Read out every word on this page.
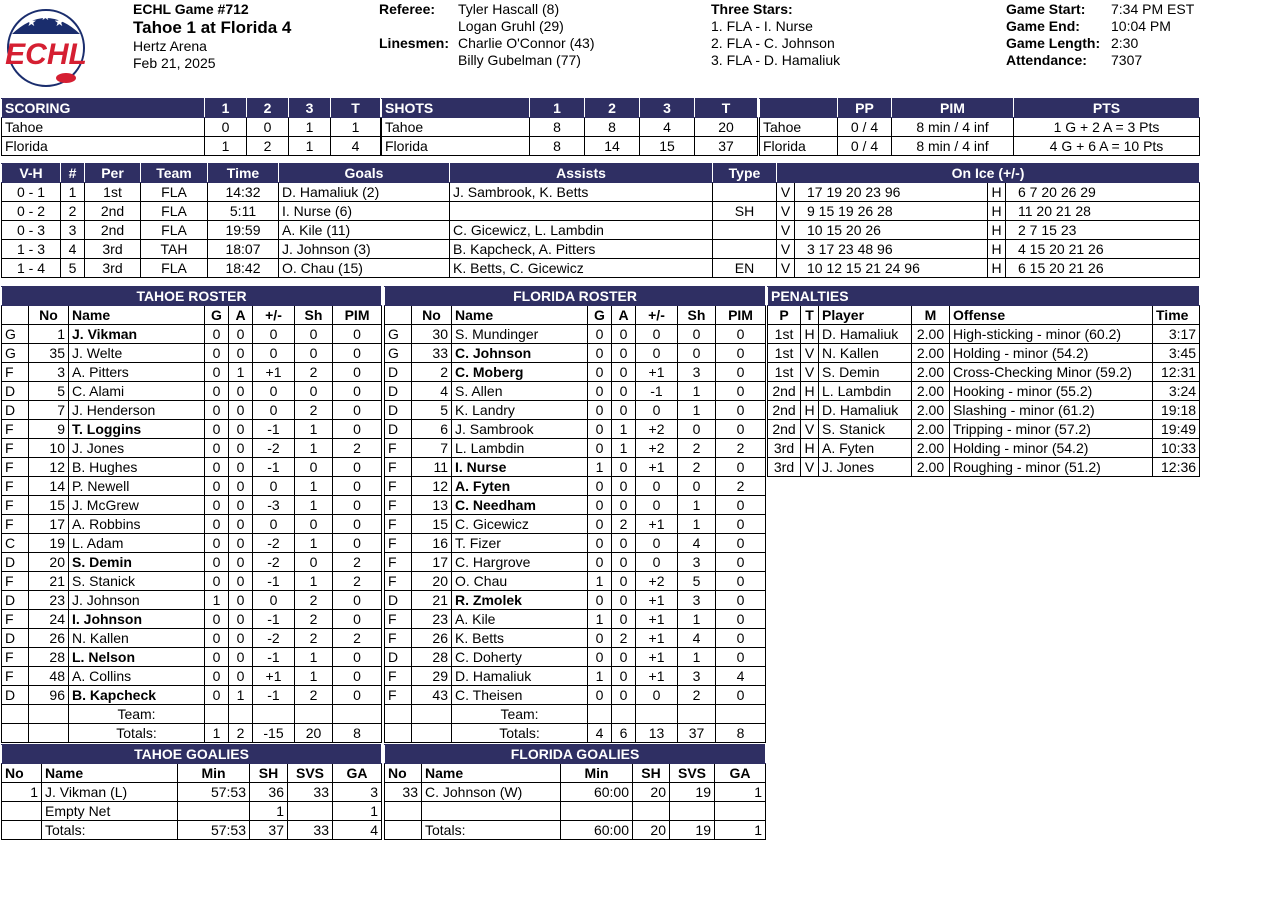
★ ★ ★
ECHL
ECHL Game #712
Tahoe 1 at Florida 4
Hertz Arena
Feb 21, 2025
Referee: Tyler Hascall (8)
Logan Gruhl (29)
Linesmen: Charlie O'Connor (43)
Billy Gubelman (77)
Three Stars:
1. FLA - I. Nurse
2. FLA - C. Johnson
3. FLA - D. Hamaliuk
Game Start: 7:34 PM EST
Game End: 10:04 PM
Game Length: 2:30
Attendance: 7307
SCORING	1	2	3	T
Tahoe	0	0	1	1
Florida	1	2	1	4
SHOTS	1	2	3	T
Tahoe	8	8	4	20
Florida	8	14	15	37
	PP	PIM	PTS
Tahoe	0 / 4	8 min / 4 inf	1 G + 2 A = 3 Pts
Florida	0 / 4	8 min / 4 inf	4 G + 6 A = 10 Pts
V-H	#	Per	Team	Time	Goals	Assists	Type	On Ice (+/-)			
0 - 1	1	1st	FLA	14:32	D. Hamaliuk (2)	J. Sambrook, K. Betts		V	17 19 20 23 96	H	6 7 20 26 29
0 - 2	2	2nd	FLA	5:11	I. Nurse (6)		SH	V	9 15 19 26 28	H	11 20 21 28
0 - 3	3	2nd	FLA	19:59	A. Kile (11)	C. Gicewicz, L. Lambdin		V	10 15 20 26	H	2 7 15 23
1 - 3	4	3rd	TAH	18:07	J. Johnson (3)	B. Kapcheck, A. Pitters		V	3 17 23 48 96	H	4 15 20 21 26
1 - 4	5	3rd	FLA	18:42	O. Chau (15)	K. Betts, C. Gicewicz	EN	V	10 12 15 21 24 96	H	6 15 20 21 26
TAHOE ROSTER							
	No	Name	G	A	+/-	Sh	PIM
G	1	J. Vikman	0	0	0	0	0
G	35	J. Welte	0	0	0	0	0
F	3	A. Pitters	0	1	+1	2	0
D	5	C. Alami	0	0	0	0	0
D	7	J. Henderson	0	0	0	2	0
F	9	T. Loggins	0	0	-1	1	0
F	10	J. Jones	0	0	-2	1	2
F	12	B. Hughes	0	0	-1	0	0
F	14	P. Newell	0	0	0	1	0
F	15	J. McGrew	0	0	-3	1	0
F	17	A. Robbins	0	0	0	0	0
C	19	L. Adam	0	0	-2	1	0
D	20	S. Demin	0	0	-2	0	2
F	21	S. Stanick	0	0	-1	1	2
D	23	J. Johnson	1	0	0	2	0
F	24	I. Johnson	0	0	-1	2	0
D	26	N. Kallen	0	0	-2	2	2
F	28	L. Nelson	0	0	-1	1	0
F	48	A. Collins	0	0	+1	1	0
D	96	B. Kapcheck	0	1	-1	2	0
		Team:					
		Totals:	1	2	-15	20	8
FLORIDA ROSTER							
	No	Name	G	A	+/-	Sh	PIM
G	30	S. Mundinger	0	0	0	0	0
G	33	C. Johnson	0	0	0	0	0
D	2	C. Moberg	0	0	+1	3	0
D	4	S. Allen	0	0	-1	1	0
D	5	K. Landry	0	0	0	1	0
D	6	J. Sambrook	0	1	+2	0	0
F	7	L. Lambdin	0	1	+2	2	2
F	11	I. Nurse	1	0	+1	2	0
F	12	A. Fyten	0	0	0	0	2
F	13	C. Needham	0	0	0	1	0
F	15	C. Gicewicz	0	2	+1	1	0
F	16	T. Fizer	0	0	0	4	0
F	17	C. Hargrove	0	0	0	3	0
F	20	O. Chau	1	0	+2	5	0
D	21	R. Zmolek	0	0	+1	3	0
F	23	A. Kile	1	0	+1	1	0
F	26	K. Betts	0	2	+1	4	0
D	28	C. Doherty	0	0	+1	1	0
F	29	D. Hamaliuk	1	0	+1	3	4
F	43	C. Theisen	0	0	0	2	0
		Team:					
		Totals:	4	6	13	37	8
PENALTIES					
P	T	Player	M	Offense	Time
1st	H	D. Hamaliuk	2.00	High-sticking - minor (60.2)	3:17
1st	V	N. Kallen	2.00	Holding - minor (54.2)	3:45
1st	V	S. Demin	2.00	Cross-Checking Minor (59.2)	12:31
2nd	H	L. Lambdin	2.00	Hooking - minor (55.2)	3:24
2nd	H	D. Hamaliuk	2.00	Slashing - minor (61.2)	19:18
2nd	V	S. Stanick	2.00	Tripping - minor (57.2)	19:49
3rd	H	A. Fyten	2.00	Holding - minor (54.2)	10:33
3rd	V	J. Jones	2.00	Roughing - minor (51.2)	12:36
TAHOE GOALIES					
No	Name	Min	SH	SVS	GA
1	J. Vikman (L)	57:53	36	33	3
	Empty Net		1		1
	Totals:	57:53	37	33	4
FLORIDA GOALIES					
No	Name	Min	SH	SVS	GA
33	C. Johnson (W)	60:00	20	19	1

	Totals:	60:00	20	19	1
